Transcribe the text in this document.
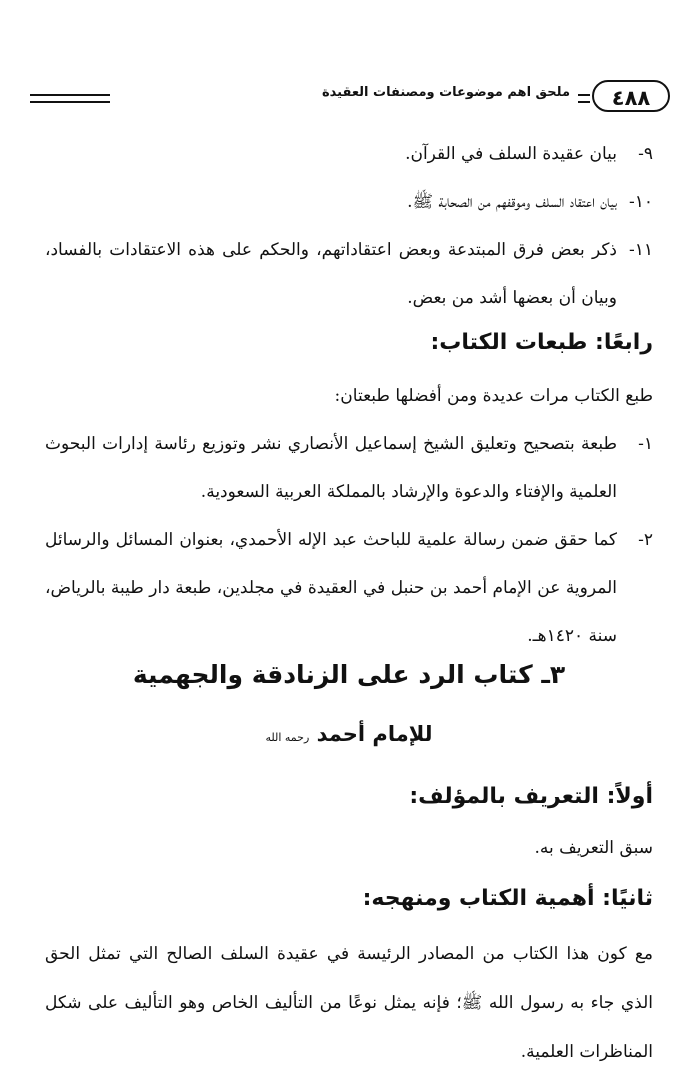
٤٨٨
ملحق اهم موضوعات ومصنفات العقيدة
٩-
بيان عقيدة السلف في القرآن.
١٠-
بيان اعتقاد السلف وموقفهم من الصحابة ﷺ.
١١-
ذكر بعض فرق المبتدعة وبعض اعتقاداتهم، والحكم على هذه الاعتقادات بالفساد، وبيان أن بعضها أشد من بعض.
رابعًا: طبعات الكتاب:
طبع الكتاب مرات عديدة ومن أفضلها طبعتان:
١-
طبعة بتصحيح وتعليق الشيخ إسماعيل الأنصاري نشر وتوزيع رئاسة إدارات البحوث العلمية والإفتاء والدعوة والإرشاد بالمملكة العربية السعودية.
٢-
كما حقق ضمن رسالة علمية للباحث عبد الإله الأحمدي، بعنوان المسائل والرسائل المروية عن الإمام أحمد بن حنبل في العقيدة في مجلدين، طبعة دار طيبة بالرياض، سنة ١٤٢٠هـ.
٣ـ كتاب الرد على الزنادقة والجهمية
للإمام أحمد رحمه الله
أولاً: التعريف بالمؤلف:
سبق التعريف به.
ثانيًا: أهمية الكتاب ومنهجه:
مع كون هذا الكتاب من المصادر الرئيسة في عقيدة السلف الصالح التي تمثل الحق الذي جاء به رسول الله ﷺ؛ فإنه يمثل نوعًا من التأليف الخاص وهو التأليف على شكل المناظرات العلمية.
